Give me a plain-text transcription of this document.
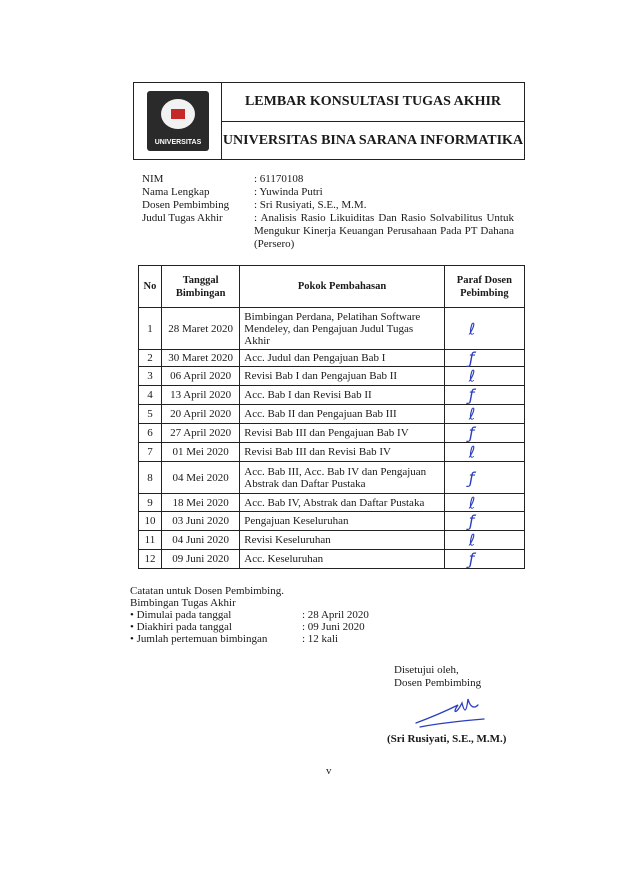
UNIVERSITAS
LEMBAR KONSULTASI TUGAS AKHIR
UNIVERSITAS BINA SARANA INFORMATIKA
NIM	: 61170108
Nama Lengkap	: Yuwinda Putri
Dosen Pembimbing	: Sri Rusiyati, S.E., M.M.
Judul Tugas Akhir	: Analisis Rasio Likuiditas Dan Rasio Solvabilitus Untuk Mengukur Kinerja Keuangan Perusahaan Pada PT Dahana (Persero)
No	Tanggal Bimbingan	Pokok Pembahasan	Paraf Dosen Pebimbing
1	28 Maret 2020	Bimbingan Perdana, Pelatihan Software Mendeley, dan Pengajuan Judul Tugas Akhir	ℓ

2	30 Maret 2020	Acc. Judul dan Pengajuan Bab I	ƒ

3	06 April 2020	Revisi Bab I dan Pengajuan Bab II	ℓ

4	13 April 2020	Acc. Bab I dan Revisi Bab II	ƒ

5	20 April 2020	Acc. Bab II dan Pengajuan Bab III	ℓ

6	27 April 2020	Revisi Bab III dan Pengajuan Bab IV	ƒ

7	01 Mei 2020	Revisi Bab III dan Revisi Bab IV	ℓ

8	04 Mei 2020	Acc. Bab III, Acc. Bab IV dan Pengajuan Abstrak dan Daftar Pustaka	ƒ

9	18 Mei 2020	Acc. Bab IV, Abstrak dan Daftar Pustaka	ℓ

10	03 Juni 2020	Pengajuan Keseluruhan	ƒ

11	04 Juni 2020	Revisi Keseluruhan	ℓ

12	09 Juni 2020	Acc. Keseluruhan	ƒ
Catatan untuk Dosen Pembimbing.
Bimbingan Tugas Akhir
• Dimulai pada tanggal	: 28 April 2020
• Diakhiri pada tanggal	: 09 Juni 2020
• Jumlah pertemuan bimbingan	: 12 kali
Disetujui oleh,
Dosen Pembimbing
(Sri Rusiyati, S.E., M.M.)
v
